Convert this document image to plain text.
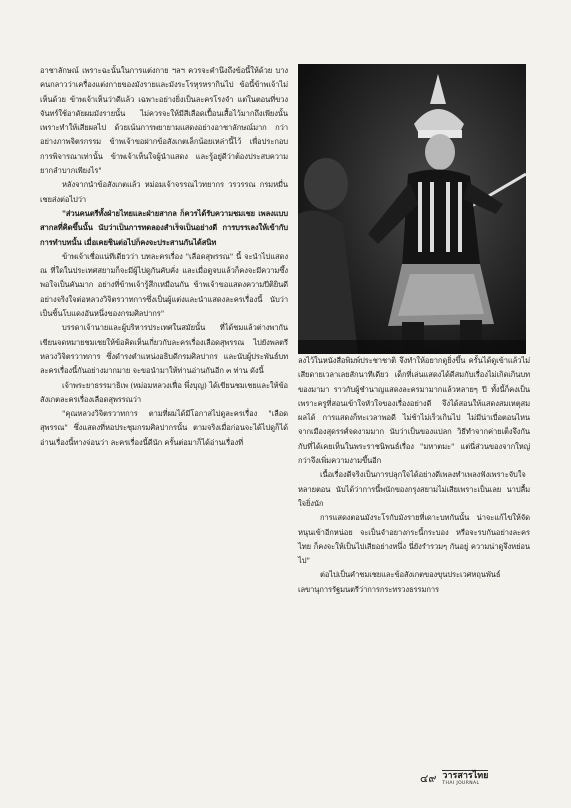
อาชาลักษณ์ เพราะฉะนั้นในการแต่งกาย ฯลฯ ควรจะคำนึงถึงข้อนี้ให้ด้วย บางคนกลาวว่าเครื่องแต่งกายของมังรายและมังระโรหุรหรากินไป ข้อนี้ข้าพเจ้าไม่เห็นด้วย ข้าพเจ้าเห็นว่าดีแล้ว เฉพาะอย่างยิ่งเป็นละครโรงจำ แต่ในตอนที่ขวงจันทร์ใช้อาดัยผมมังรายนั้น ไม่ควรจะให้มีสีเลือดเปื้อนเสื้อไว้มากถึงเพียงนั้น เพราะทำให้เสียผลไป ด้วยเน้นการพยายามแสดงอย่างอาชาลักษณ์มาก กว่าอย่างภาพจิตรกรรม ข้าพเจ้าขอฝากข้อสังเกตเล็กน้อยเหล่านี้ไว้ เพื่อประกอบการพิจารณาเท่านั้น ข้าพเจ้าเห็นใจผู้นำแสดง และรู้อยู่ดีว่าต้องประสบความยากลำบากเพียงไร"

หลังจากนำข้อสังเกตแล้ว หม่อมเจ้าจรรณไวทยากร วรวรรณ กรมหมื่นเชยส่งต่อไปว่า

"ส่วนคนตรีทั้งฝ่ายไทยและฝ่ายสากล ก็ควรได้รับความชมเชย เพลงแบบสากลที่คิดขึ้นนั้น นับว่าเป็นการทดลองสำเร็จเป็นอย่างดี การบรรเลงให้เข้ากับการทำบทนั้น เมื่อเคยชินต่อไปก็คงจะประสานกันได้สนิท

ข้าพเจ้าเชื่อแน่ทีเดียวว่า บทละครเรื่อง "เลือดสุพรรณ" นี้ จะนำไปแสดง ณ ที่ใดในประเทศสยามก็จะมีผู้ไปดูกันคับคั่ง และเมื่อดูจบแล้วก็คงจะมีความซึ้งพอใจเป็นคันมาก อย่างที่ข้าพเจ้ารู้สึกเหมือนกัน ข้าพเจ้าขอแสดงความปีติยินดีอย่างจริงใจต่อหลวงวิจิตรวาทการซึ่งเป็นผู้แต่งและนำแสดงละครเรื่องนี้ นับว่าเป็นชิ้นโบแดงอันหนึ่งของกรมศิลปากร"

บรรดาเจ้านายและผู้บริหารประเทศในสมัยนั้น ที่ได้ชมแล้วต่างพากันเขียนจดหมายชมเชยให้ข้อคิดเห็นเกี่ยวกับละครเรื่องเลือดสุพรรณ ไปยังพลตรีหลวงวิจิตรวาทการ ซึ่งดำรงตำแหน่งอธิบดีกรมศิลปากร และนับผู้ประพันธ์บทละครเรื่องนี้กันอย่างมากมาย จะขอนำมาให้ท่านอ่านกันอีก ๓ ท่าน ดังนี้

เจ้าพระยาธรรมาธิเพ (หม่อมหลวงเฟื่อ พึ่งบุญ) ได้เขียนชมเชยและให้ข้อสังเกตละครเรื่องเลือดสุพรรณว่า

"คุณหลวงวิจิตรวาทการ ตามที่ผมได้มีโอกาสไปดูละครเรื่อง "เลือดสุพรรณ" ซึ่งแสดงที่หอประชุมกรมศิลปากรนั้น ตามจริงเมื่อก่อนจะได้ไปดูก็ได้อ่านเรื่องนี้ทางจ่อนว่า ละครเรื่องนี้ดีนัก ครั้นต่อมาก็ได้อ่านเรื่องที่

ลงไว้ในหนังสือพิมพ์ประชาชาติ จึงทำให้อยากดูยิ่งขึ้น ครั้นได้ดูเข้าแล้วไม่เสียดายเวลาเลยสักนาทีเดียว เด็กที่เล่นแสดงได้ดีสมกับเรื่องไม่เกิดเกินบทของมามา ราวกับผู้ชำนาญแสดงละครมามากแล้วหลายๆ ปี ทั้งนี้ก็คงเป็นเพราะครูที่สอนเข้าใจหัวใจของเรื่องอย่างดี จึงได้สอนให้แสดงสมเหตุสมผลได้ การแสดงก็ทะเวลาพอดี ไม่ช้าไม่เร็วเกินไป ไม่มีน่าเบื่อตอนไหน จากเมืองสุดรรศ์จดงามมาก นับว่าเป็นของแปลก วิธีทำจากค่ายเต็งจึงกันกับที่ได้เคยเห็นในพระราชนิพนธ์เรื่อง "มหาตมะ" แต่นี่ส่วนของจากใหญ่กว่าจึงเพิ่มความงามขึ้นอีก

เนื้อเรื่องดีจริงเป็นการปลุกใจได้อย่างดีเพลงทำเพลงฟังเพราะจับใจหลายตอน นับได้ว่าการนี้พนักของกรุงสยามไม่เสียเพราะเป็นเลย นาปลื้มใจยิ่งนัก

การแสดงตอนมังระโรกับมังรายที่เดาะบทกันนั้น น่าจะแก้ไขให้จัดหนุนเข้าอีกหน่อย จะเป็นจำอยางกระนี้กระบอง หรือจะรบกันอย่างละครไทย ก็คงจะให้เป็นไปเสียอย่างหนึ่ง นี่ยังรำรวมๆ กันอยู่ ความน่าดูจึงหย่อนไป"

ต่อไปเป็นคำชมเชยและข้อสังเกตของขุนประเวศหฤนพันธ์ เลขานุการรัฐมนตรีว่าการกระทรวงธรรมการ

๔๙ วารสารไทย
THAI JOURNAL
